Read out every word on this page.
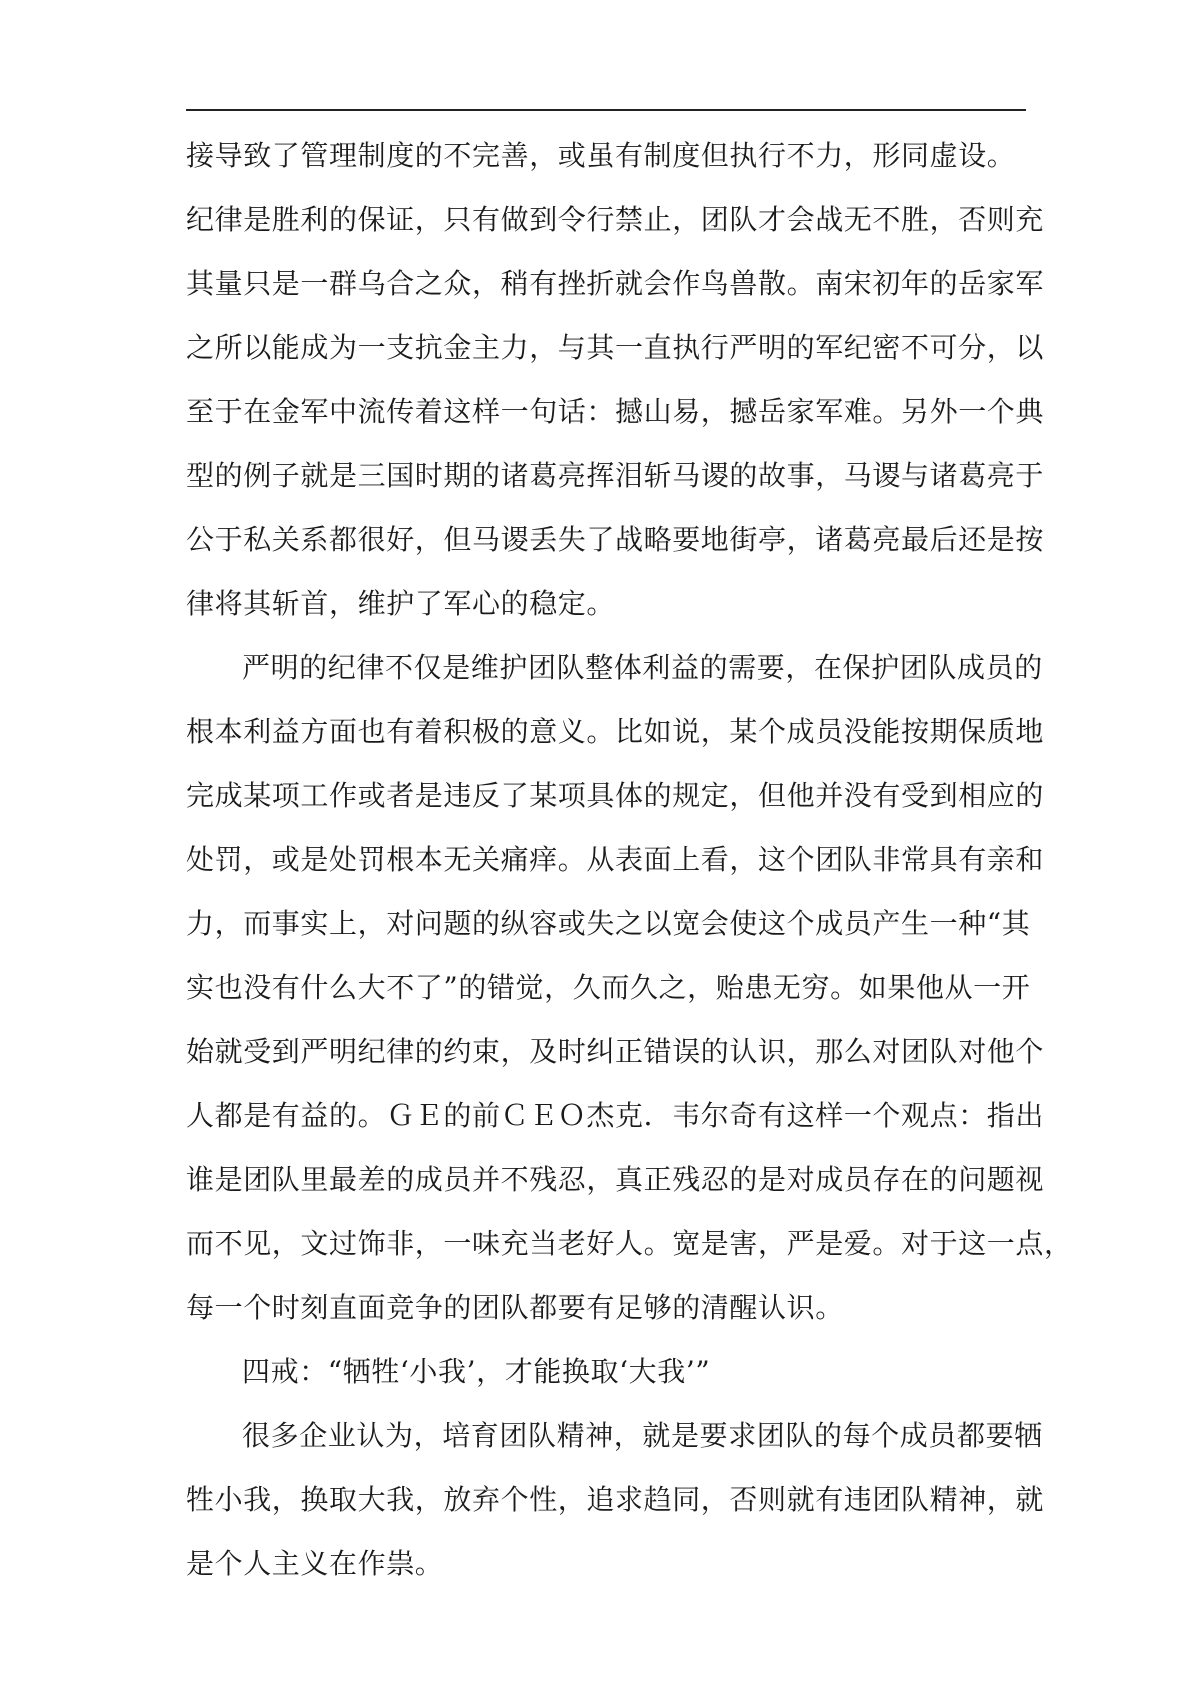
接导致了管理制度的不完善，或虽有制度但执行不力，形同虚设。
纪律是胜利的保证，只有做到令行禁止，团队才会战无不胜，否则充
其量只是一群乌合之众，稍有挫折就会作鸟兽散。南宋初年的岳家军
之所以能成为一支抗金主力，与其一直执行严明的军纪密不可分，以
至于在金军中流传着这样一句话：撼山易，撼岳家军难。另外一个典
型的例子就是三国时期的诸葛亮挥泪斩马谡的故事，马谡与诸葛亮于
公于私关系都很好，但马谡丢失了战略要地街亭，诸葛亮最后还是按
律将其斩首，维护了军心的稳定。
严明的纪律不仅是维护团队整体利益的需要，在保护团队成员的
根本利益方面也有着积极的意义。比如说，某个成员没能按期保质地
完成某项工作或者是违反了某项具体的规定，但他并没有受到相应的
处罚，或是处罚根本无关痛痒。从表面上看，这个团队非常具有亲和
力，而事实上，对问题的纵容或失之以宽会使这个成员产生一种“其
实也没有什么大不了”的错觉，久而久之，贻患无穷。如果他从一开
始就受到严明纪律的约束，及时纠正错误的认识，那么对团队对他个
人都是有益的。ＧＥ的前ＣＥＯ杰克．韦尔奇有这样一个观点：指出
谁是团队里最差的成员并不残忍，真正残忍的是对成员存在的问题视
而不见，文过饰非，一味充当老好人。宽是害，严是爱。对于这一点，
每一个时刻直面竞争的团队都要有足够的清醒认识。
四戒：“牺牲‘小我’，才能换取‘大我’”
很多企业认为，培育团队精神，就是要求团队的每个成员都要牺
牲小我，换取大我，放弃个性，追求趋同，否则就有违团队精神，就
是个人主义在作祟。
